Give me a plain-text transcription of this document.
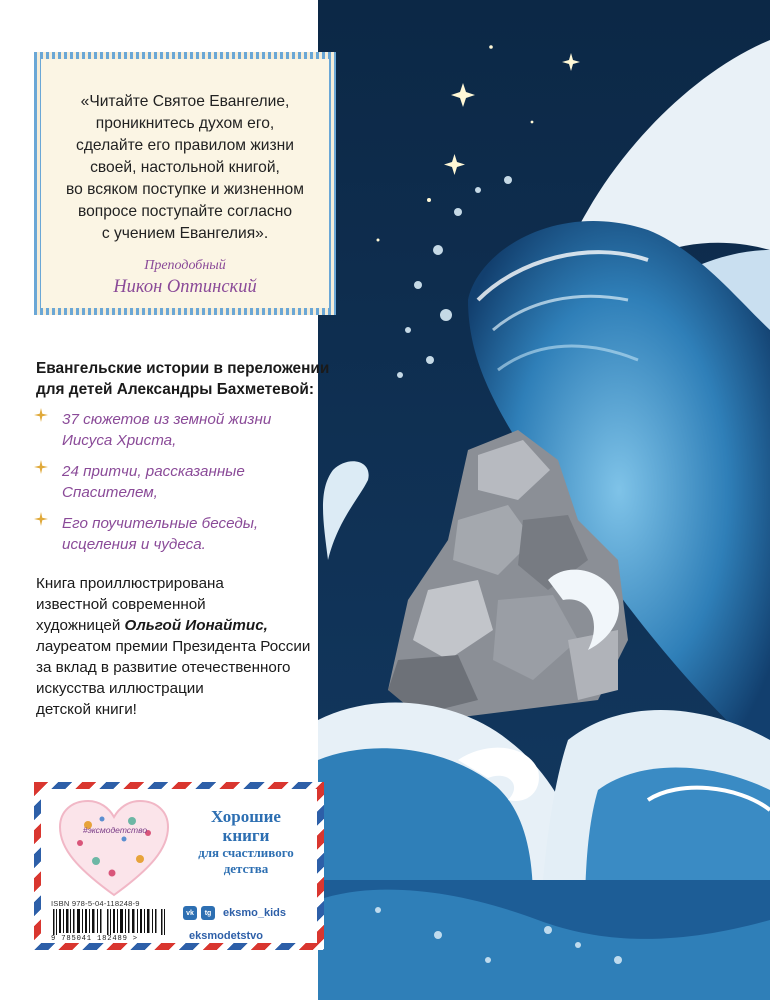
«Читайте Святое Евангелие,
проникнитесь духом его,
сделайте его правилом жизни
своей, настольной книгой,
во всяком поступке и жизненном
вопросе поступайте согласно
с учением Евангелия».
Преподобный
Никон Оптинский
Евангельские истории в переложении
для детей Александры Бахметевой:
37 сюжетов из земной жизни
Иисуса Христа,
24 притчи, рассказанные
Спасителем,
Его поучительные беседы,
исцеления и чудеса.
Книга проиллюстрирована
известной современной
художницей Ольгой Ионайтис,
лауреатом премии Президента России
за вклад в развитие отечественного
искусства иллюстрации
детской книги!
#эксмодетство
Хорошие
книги
для счастливого
детства
ISBN 978-5-04-118248-9
9 785041 182489 >
vk	tg	eksmo_kids
eksmodetstvo
